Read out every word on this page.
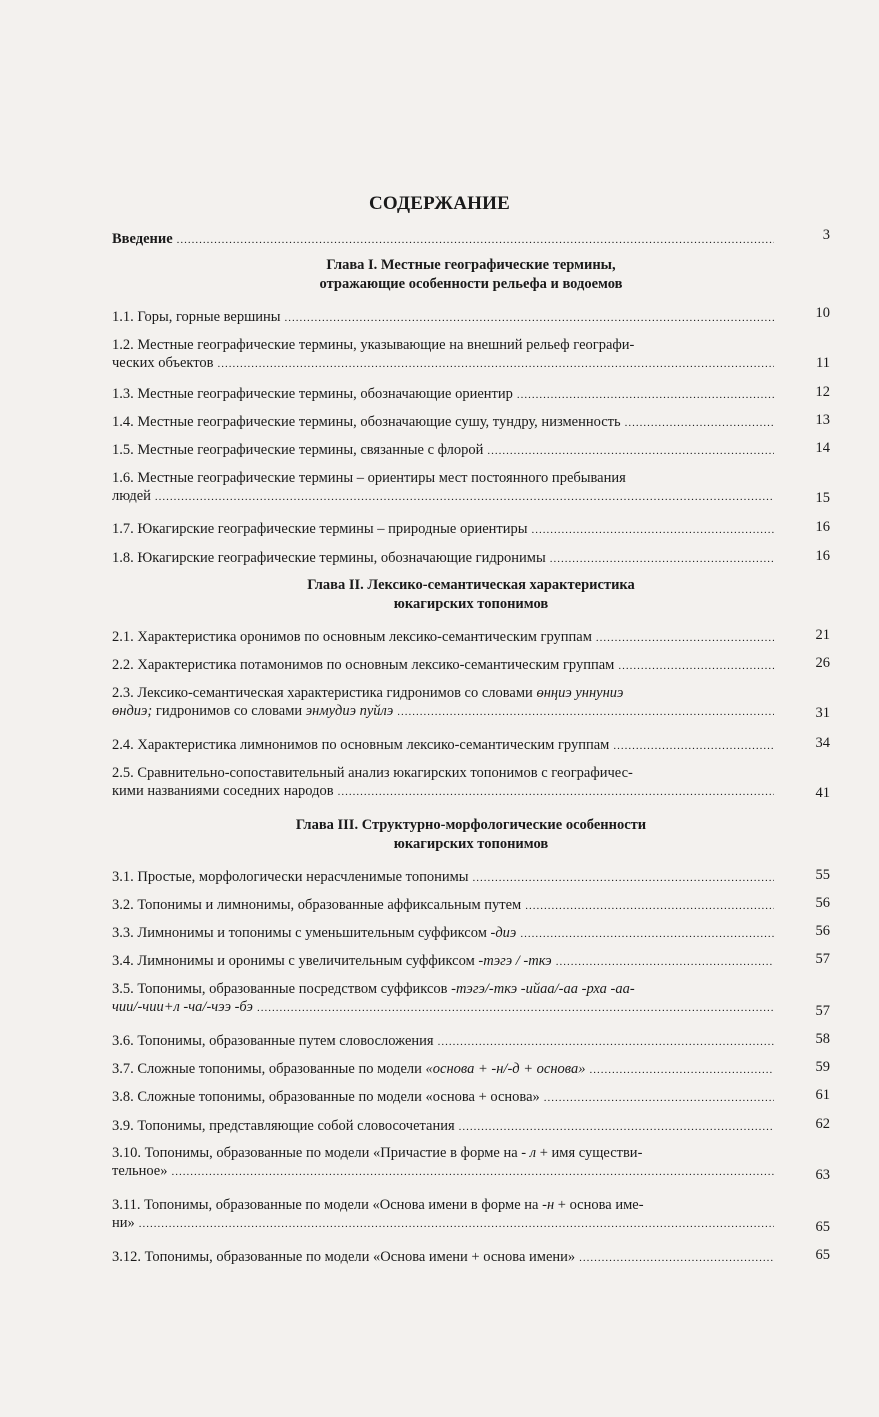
СОДЕРЖАНИЕ
Введение .....	3
Глава I. Местные географические термины,
отражающие особенности рельефа и водоемов
1.1. Горы, горные вершины .....	10
1.2. Местные географические термины, указывающие на внешний рельеф географи-
ческих объектов .....	11
1.3. Местные географические термины, обозначающие ориентир .....	12
1.4. Местные географические термины, обозначающие сушу, тундру, низменность .....	13
1.5. Местные географические термины, связанные с флорой .....	14
1.6. Местные географические термины – ориентиры мест постоянного пребывания
людей .....	15
1.7. Юкагирские географические термины – природные ориентиры .....	16
1.8. Юкагирские географические термины, обозначающие гидронимы .....	16
Глава II. Лексико-семантическая характеристика
юкагирских топонимов
2.1. Характеристика оронимов по основным лексико-семантическим группам .....	21
2.2. Характеристика потамонимов по основным лексико-семантическим группам .....	26
2.3. Лексико-семантическая характеристика гидронимов со словами өнңиэ уннуниэ
өндиэ; гидронимов со словами энмудиэ пуйлэ .....	31
2.4. Характеристика лимнонимов по основным лексико-семантическим группам .....	34
2.5. Сравнительно-сопоставительный анализ юкагирских топонимов с географичес-
кими названиями соседних народов .....	41
Глава III. Структурно-морфологические особенности
юкагирских топонимов
3.1. Простые, морфологически нерасчленимые топонимы .....	55
3.2. Топонимы и лимнонимы, образованные аффиксальным путем .....	56
3.3. Лимнонимы и топонимы с уменьшительным суффиксом -диэ .....	56
3.4. Лимнонимы и оронимы с увеличительным суффиксом -тэгэ / -ткэ .....	57
3.5. Топонимы, образованные посредством суффиксов -тэгэ/-ткэ -ийаа/-аа -рха -аа-
чии/-чии+л -ча/-чээ -бэ .....	57
3.6. Топонимы, образованные путем словосложения .....	58
3.7. Сложные топонимы, образованные по модели «основа + -н/-д + основа» .....	59
3.8. Сложные топонимы, образованные по модели «основа + основа» .....	61
3.9. Топонимы, представляющие собой словосочетания .....	62
3.10. Топонимы, образованные по модели «Причастие в форме на - л + имя существи-
тельное» .....	63
3.11. Топонимы, образованные по модели «Основа имени в форме на -н + основа име-
ни» .....	65
3.12. Топонимы, образованные по модели «Основа имени + основа имени» .....	65
